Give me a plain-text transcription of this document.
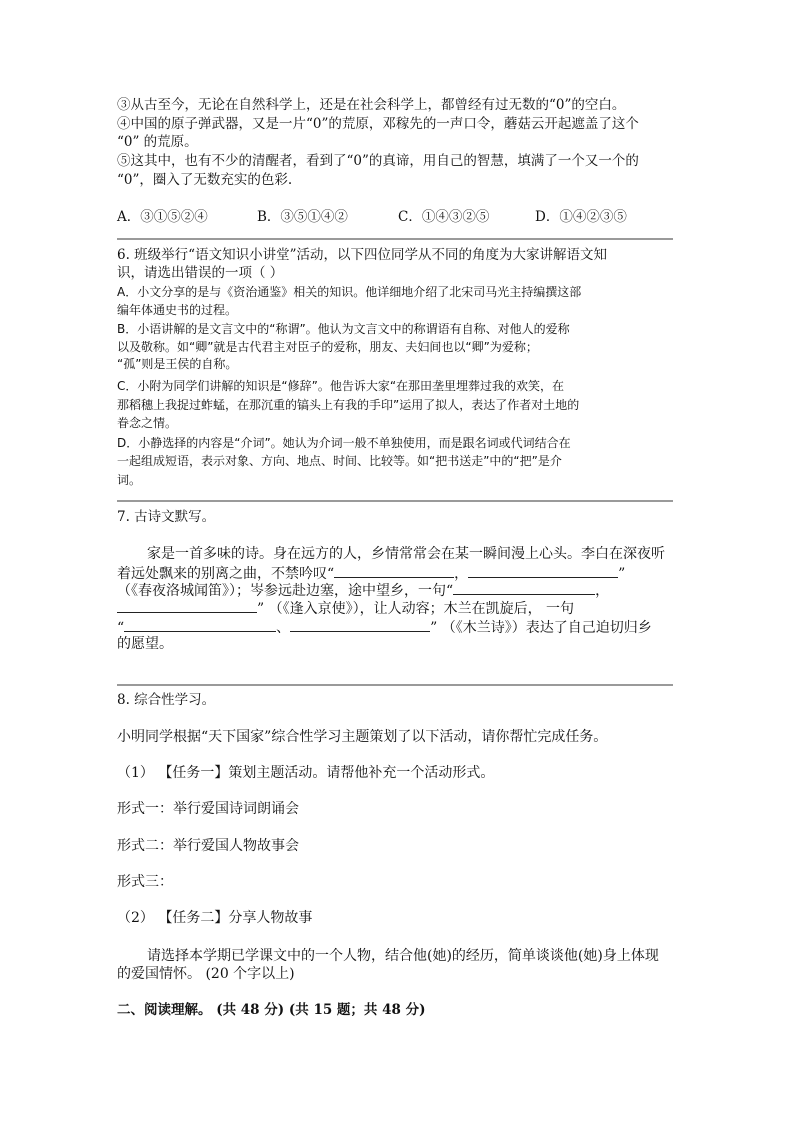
③从古至今，无论在自然科学上，还是在社会科学上，都曾经有过无数的“0”的空白。
④中国的原子弹武器，又是一片“0”的荒原，邓稼先的一声口令，蘑菇云开起遮盖了这个
“0” 的荒原。
⑤这其中，也有不少的清醒者，看到了“0”的真谛，用自己的智慧，填满了一个又一个的
“0”，圈入了无数充实的色彩.
A．③①⑤②④	B．③⑤①④②	C．①④③②⑤	D．①④②③⑤
6. 班级举行“语文知识小讲堂”活动，以下四位同学从不同的角度为大家讲解语文知
识，请选出错误的一项（ ）
A．小文分享的是与《资治通鉴》相关的知识。他详细地介绍了北宋司马光主持编撰这部
编年体通史书的过程。
B．小语讲解的是文言文中的“称谓”。他认为文言文中的称谓语有自称、对他人的爱称
以及敬称。如“卿”就是古代君主对臣子的爱称，朋友、夫妇间也以“卿”为爱称；
“孤”则是王侯的自称。
C．小附为同学们讲解的知识是“修辞”。他告诉大家“在那田垄里埋葬过我的欢笑，在
那稻穗上我捉过蚱蜢，在那沉重的镐头上有我的手印”运用了拟人，表达了作者对土地的
眷念之情。
D．小静选择的内容是“介词”。她认为介词一般不单独使用，而是跟名词或代词结合在
一起组成短语，表示对象、方向、地点、时间、比较等。如“把书送走”中的“把”是介
词。
7. 古诗文默写。
家是一首多味的诗。身在远方的人，乡情常常会在某一瞬间漫上心头。李白在深夜听
着远处飘来的别离之曲，不禁吟叹“	，	”
（《春夜洛城闻笛》）；岑参远赴边塞，途中望乡，一句“	，
” （《逢入京使》），让人动容；木兰在凯旋后， 一句
“	、	” （《木兰诗》）表达了自己迫切归乡
的愿望。
8. 综合性学习。
小明同学根据“天下国家”综合性学习主题策划了以下活动，请你帮忙完成任务。
（1） 【任务一】策划主题活动。请帮他补充一个活动形式。
形式一：举行爱国诗词朗诵会
形式二：举行爱国人物故事会
形式三：
（2） 【任务二】分享人物故事
请选择本学期已学课文中的一个人物，结合他(她)的经历，简单谈谈他(她)身上体现
的爱国情怀。 (20 个字以上)
二、阅读理解。 (共 48 分) (共 15 题；共 48 分)
